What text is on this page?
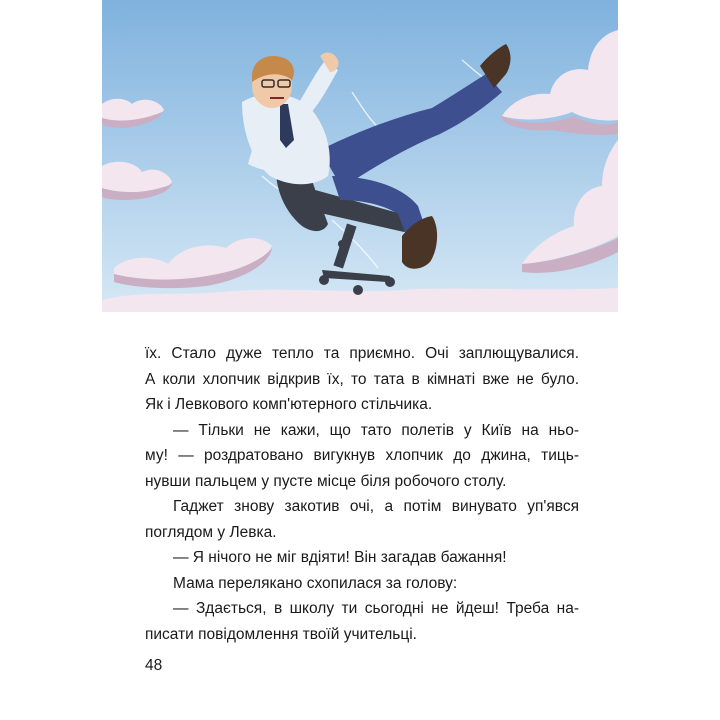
їх. Стало дуже тепло та приємно. Очі заплющувалися.
А коли хлопчик відкрив їх, то тата в кімнаті вже не було.
Як і Левкового комп'ютерного стільчика.

— Тільки не кажи, що тато полетів у Київ на ньо-
му! — роздратовано вигукнув хлопчик до джина, тиць-
нувши пальцем у пусте місце біля робочого столу.

Гаджет знову закотив очі, а потім винувато уп'явся
поглядом у Левка.

— Я нічого не міг вдіяти! Він загадав бажання!

Мама перелякано схопилася за голову:

— Здається, в школу ти сьогодні не йдеш! Треба на-
писати повідомлення твоїй учительці.

48
